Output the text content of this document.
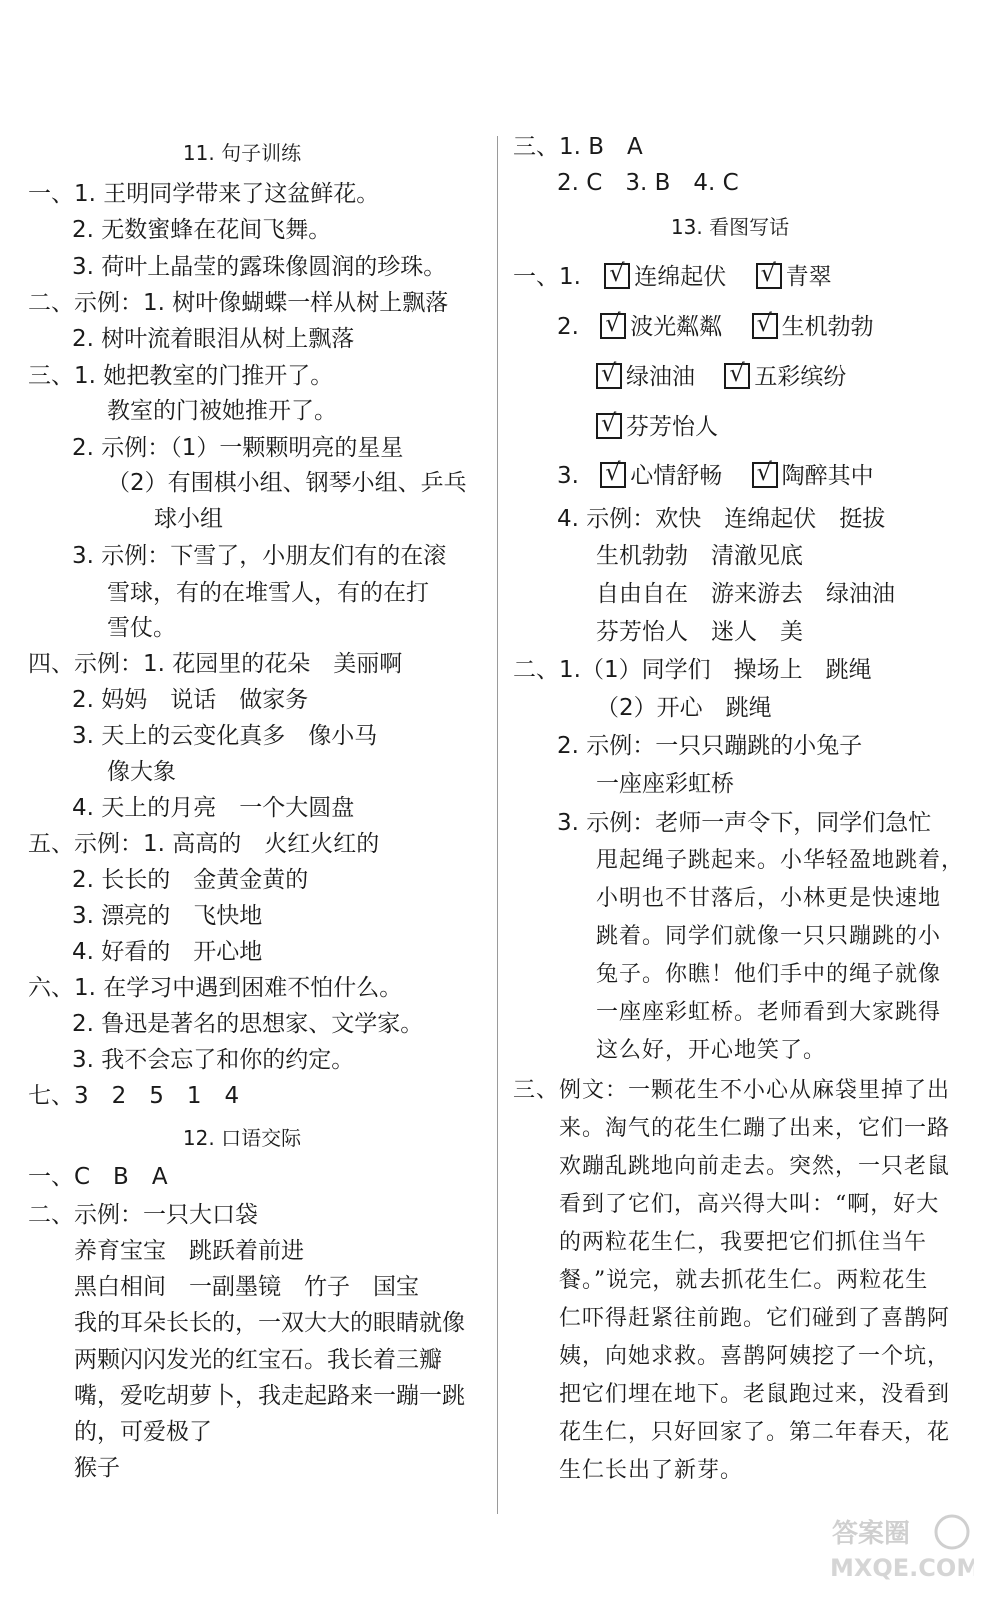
11. 句子训练
一、1. 王明同学带来了这盆鲜花。
2. 无数蜜蜂在花间飞舞。
3. 荷叶上晶莹的露珠像圆润的珍珠。
二、示例：1. 树叶像蝴蝶一样从树上飘落
2. 树叶流着眼泪从树上飘落
三、1. 她把教室的门推开了。
教室的门被她推开了。
2. 示例：（1）一颗颗明亮的星星
（2）有围棋小组、钢琴小组、乒乓
球小组
3. 示例：下雪了，小朋友们有的在滚
雪球，有的在堆雪人，有的在打
雪仗。
四、示例：1. 花园里的花朵　美丽啊
2. 妈妈　说话　做家务
3. 天上的云变化真多　像小马
像大象
4. 天上的月亮　一个大圆盘
五、示例：1. 高高的　火红火红的
2. 长长的　金黄金黄的
3. 漂亮的　飞快地
4. 好看的　开心地
六、1. 在学习中遇到困难不怕什么。
2. 鲁迅是著名的思想家、文学家。
3. 我不会忘了和你的约定。
七、3　2　5　1　4
12. 口语交际
一、C　B　A
二、示例：一只大口袋
养育宝宝　跳跃着前进
黑白相间　一副墨镜　竹子　国宝
我的耳朵长长的，一双大大的眼睛就像
两颗闪闪发光的红宝石。我长着三瓣
嘴，爱吃胡萝卜，我走起路来一蹦一跳
的，可爱极了
猴子
三、1. B　A
2. C　3. B　4. C
13. 看图写话
一、1. √ 连绵起伏 √	青翠
2. √ 波光粼粼 √	生机勃勃
√绿油油 √	五彩缤纷
√芬芳怡人
3. √ 心情舒畅 √	陶醉其中
4. 示例：欢快　连绵起伏　挺拔
生机勃勃　清澈见底
自由自在　游来游去　绿油油
芬芳怡人　迷人　美
二、1.（1）同学们　操场上　跳绳
（2）开心　跳绳
2. 示例：一只只蹦跳的小兔子
一座座彩虹桥
3. 示例：老师一声令下，同学们急忙
甩起绳子跳起来。小华轻盈地跳着，
小明也不甘落后，小林更是快速地
跳着。同学们就像一只只蹦跳的小
兔子。你瞧！他们手中的绳子就像
一座座彩虹桥。老师看到大家跳得
这么好，开心地笑了。
三、例文：一颗花生不小心从麻袋里掉了出
来。淘气的花生仁蹦了出来，它们一路
欢蹦乱跳地向前走去。突然，一只老鼠
看到了它们，高兴得大叫：“啊，好大
的两粒花生仁，我要把它们抓住当午
餐。”说完，就去抓花生仁。两粒花生
仁吓得赶紧往前跑。它们碰到了喜鹊阿
姨，向她求救。喜鹊阿姨挖了一个坑，
把它们埋在地下。老鼠跑过来，没看到
花生仁，只好回家了。第二年春天，花
生仁长出了新芽。
答案圈
MXQE.COM
